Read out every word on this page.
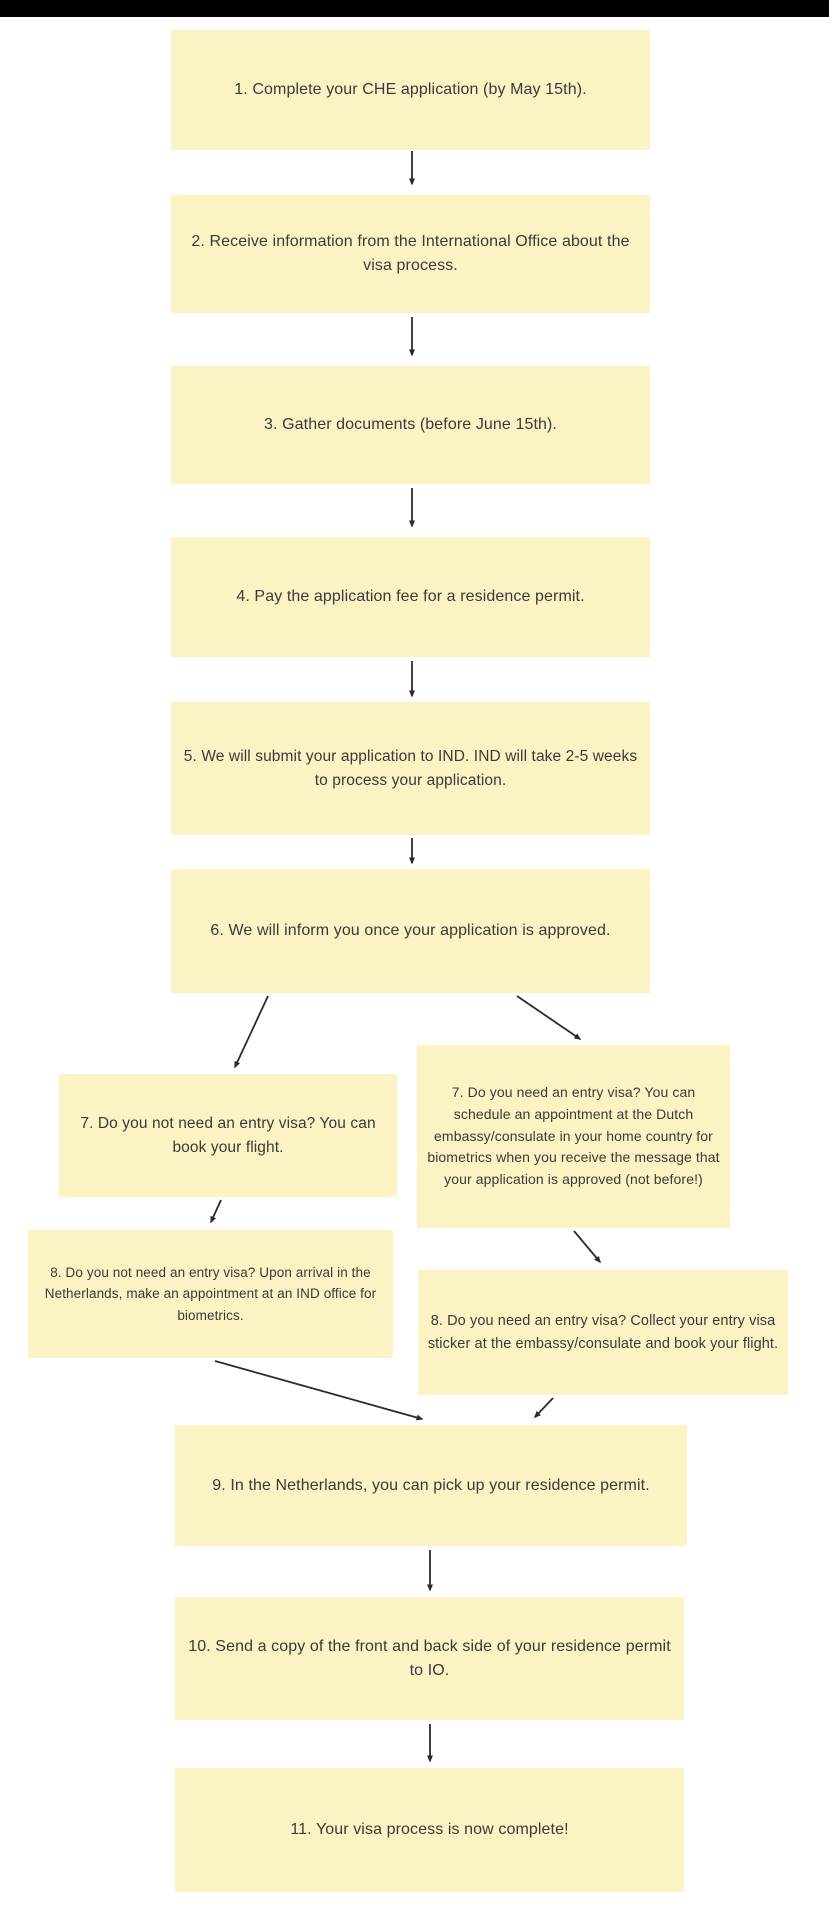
1. Complete your CHE application (by May 15th).
2. Receive information from the International Office about the visa process.
3. Gather documents (before June 15th).
4. Pay the application fee for a residence permit.
5. We will submit your application to IND. IND will take 2-5 weeks to process your application.
6. We will inform you once your application is approved.
7. Do you not need an entry visa? You can book your flight.
7. Do you need an entry visa? You can schedule an appointment at the Dutch embassy/consulate in your home country for biometrics when you receive the message that your application is approved (not before!)
8. Do you not need an entry visa? Upon arrival in the Netherlands, make an appointment at an IND office for biometrics.	8. Do you need an entry visa? Collect your entry visa sticker at the embassy/consulate and book your flight.
9. In the Netherlands, you can pick up your residence permit.
10. Send a copy of the front and back side of your residence permit to IO.
11. Your visa process is now complete!
